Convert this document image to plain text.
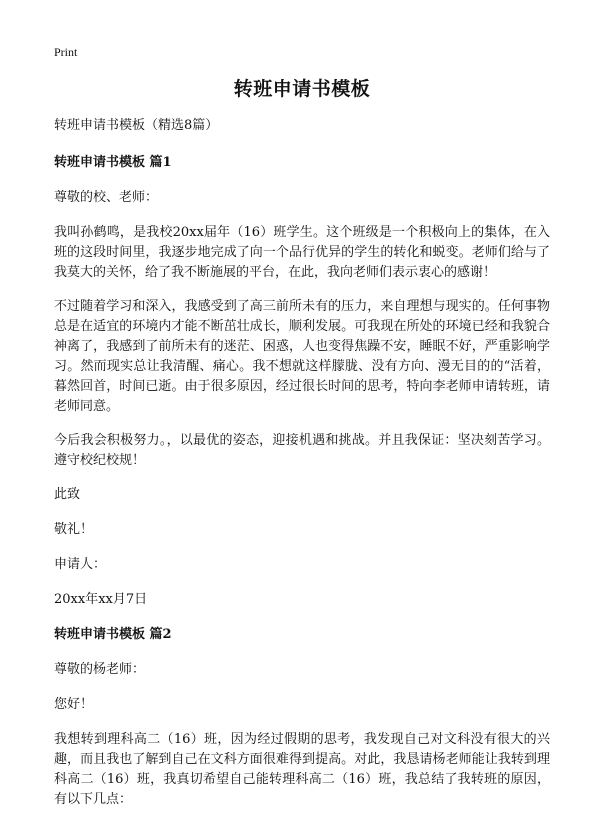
Print
转班申请书模板
转班申请书模板（精选8篇）
转班申请书模板 篇1
尊敬的校、老师：
我叫孙鹤鸣，是我校20xx届年（16）班学生。这个班级是一个积极向上的集体，在入班的这段时间里，我逐步地完成了向一个品行优异的学生的转化和蜕变。老师们给与了我莫大的关怀，给了我不断施展的平台，在此，我向老师们表示衷心的感谢！
不过随着学习和深入，我感受到了高三前所未有的压力，来自理想与现实的。任何事物总是在适宜的环境内才能不断茁壮成长，顺利发展。可我现在所处的环境已经和我貌合神离了，我感到了前所未有的迷茫、困惑，人也变得焦躁不安，睡眠不好，严重影响学习。然而现实总让我清醒、痛心。我不想就这样朦胧、没有方向、漫无目的的“活着，暮然回首，时间已逝。由于很多原因，经过很长时间的思考，特向李老师申请转班，请老师同意。
今后我会积极努力。，以最优的姿态，迎接机遇和挑战。并且我保证：坚决刻苦学习。遵守校纪校规！
此致
敬礼！
申请人：
20xx年xx月7日
转班申请书模板 篇2
尊敬的杨老师：
您好！
我想转到理科高二（16）班，因为经过假期的思考，我发现自己对文科没有很大的兴趣，而且我也了解到自己在文科方面很难得到提高。对此，我恳请杨老师能让我转到理科高二（16）班，我真切希望自己能转理科高二（16）班，我总结了我转班的原因，有以下几点：
